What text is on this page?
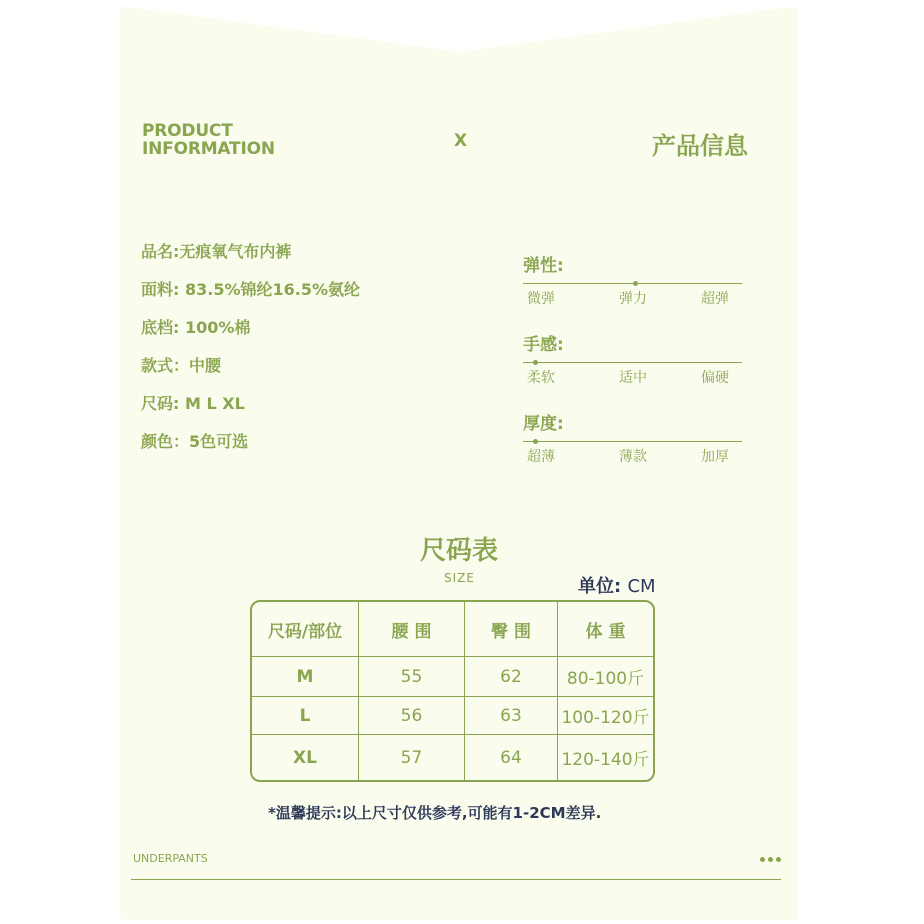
PRODUCT
INFORMATION	X	产品信息
品名:无痕氧气布内裤
面料: 83.5%锦纶16.5%氨纶
底档: 100%棉
款式：中腰
尺码: M L XL
颜色：5色可选
弹性:
微弹	弹力	超弹
手感:
柔软	适中	偏硬
厚度:
超薄	薄款	加厚
尺码表
SIZE	单位: CM
尺码/部位	腰 围	臀 围	体 重
M	55	62	80-100斤
L	56	63	100-120斤
XL	57	64	120-140斤
*温馨提示:以上尺寸仅供参考,可能有1-2CM差异.
UNDERPANTS
